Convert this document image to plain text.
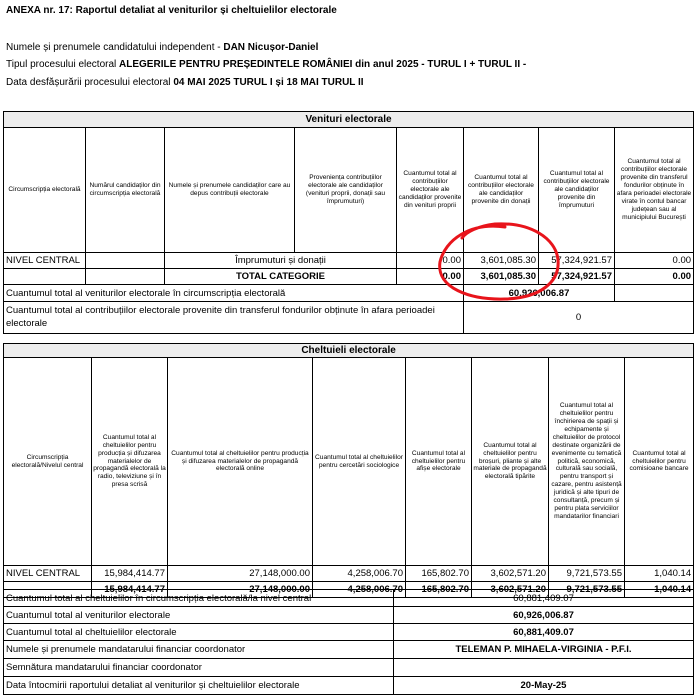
ANEXA nr. 17: Raportul detaliat al veniturilor și cheltuielilor electorale
Numele și prenumele candidatului independent - DAN Nicușor-Daniel
Tipul procesului electoral ALEGERILE PENTRU PREȘEDINTELE ROMÂNIEI din anul 2025 - TURUL I + TURUL II -
Data desfășurării procesului electoral 04 MAI 2025 TURUL I și 18 MAI TURUL II
Venituri electorale							
Circumscripția electorală	Numărul candidaților din circumscripția electorală	Numele și prenumele candidaților care au depus contribuții electorale	Proveniența contribuțiilor electorale ale candidaților (venituri proprii, donații sau împrumuturi)	Cuantumul total al contribuțiilor electorale ale candidaților provenite din venituri proprii	Cuantumul total al contribuțiilor electorale ale candidaților provenite din donații	Cuantumul total al contribuțiilor electorale ale candidaților provenite din împrumuturi	Cuantumul total al contribuțiilor electorale provenite din transferul fondurilor obținute în afara perioadei electorale virate în contul bancar județean sau al municipiului București
NIVEL CENTRAL		Împrumuturi și donații		0.00	3,601,085.30	57,324,921.57	0.00
		TOTAL CATEGORIE		0.00	3,601,085.30	57,324,921.57	0.00
Cuantumul total al veniturilor electorale în circumscripția electorală					60,926,006.87		
Cuantumul total al contribuțiilor electorale provenite din transferul fondurilor obținute în afara perioadei electorale					0		
Cheltuieli electorale							
Circumscripția electorală/Nivelul central	Cuantumul total al cheltuielilor pentru producția și difuzarea materialelor de propagandă electorală la radio, televiziune și în presa scrisă	Cuantumul total al cheltuielilor pentru producția și difuzarea materialelor de propagandă electorală online	Cuantumul total al cheltuielilor pentru cercetări sociologice	Cuantumul total al cheltuielilor pentru afișe electorale	Cuantumul total al cheltuielilor pentru broșuri, pliante și alte materiale de propagandă electorală tipărite	Cuantumul total al cheltuielilor pentru închirierea de spații și echipamente și cheltuielilor de protocol destinate organizării de evenimente cu tematică politică, economică, culturală sau socială, pentru transport și cazare, pentru asistență juridică și alte tipuri de consultanță, precum și pentru plata serviciilor mandatarilor financiari	Cuantumul total al cheltuielilor pentru comisioane bancare
NIVEL CENTRAL	15,984,414.77	27,148,000.00	4,258,006.70	165,802.70	3,602,571.20	9,721,573.55	1,040.14
	15,984,414.77	27,148,000.00	4,258,006.70	165,802.70	3,602,571.20	9,721,573.55	1,040.14
Cuantumul total al cheltuielilor în circumscripția electorală/la nivel central	60,881,409.07
Cuantumul total al veniturilor electorale	60,926,006.87
Cuantumul total al cheltuielilor electorale	60,881,409.07
Numele și prenumele mandatarului financiar coordonator	TELEMAN P. MIHAELA-VIRGINIA - P.F.I.
Semnătura mandatarului financiar coordonator	
Data întocmirii raportului detaliat al veniturilor și cheltuielilor electorale	20-May-25
